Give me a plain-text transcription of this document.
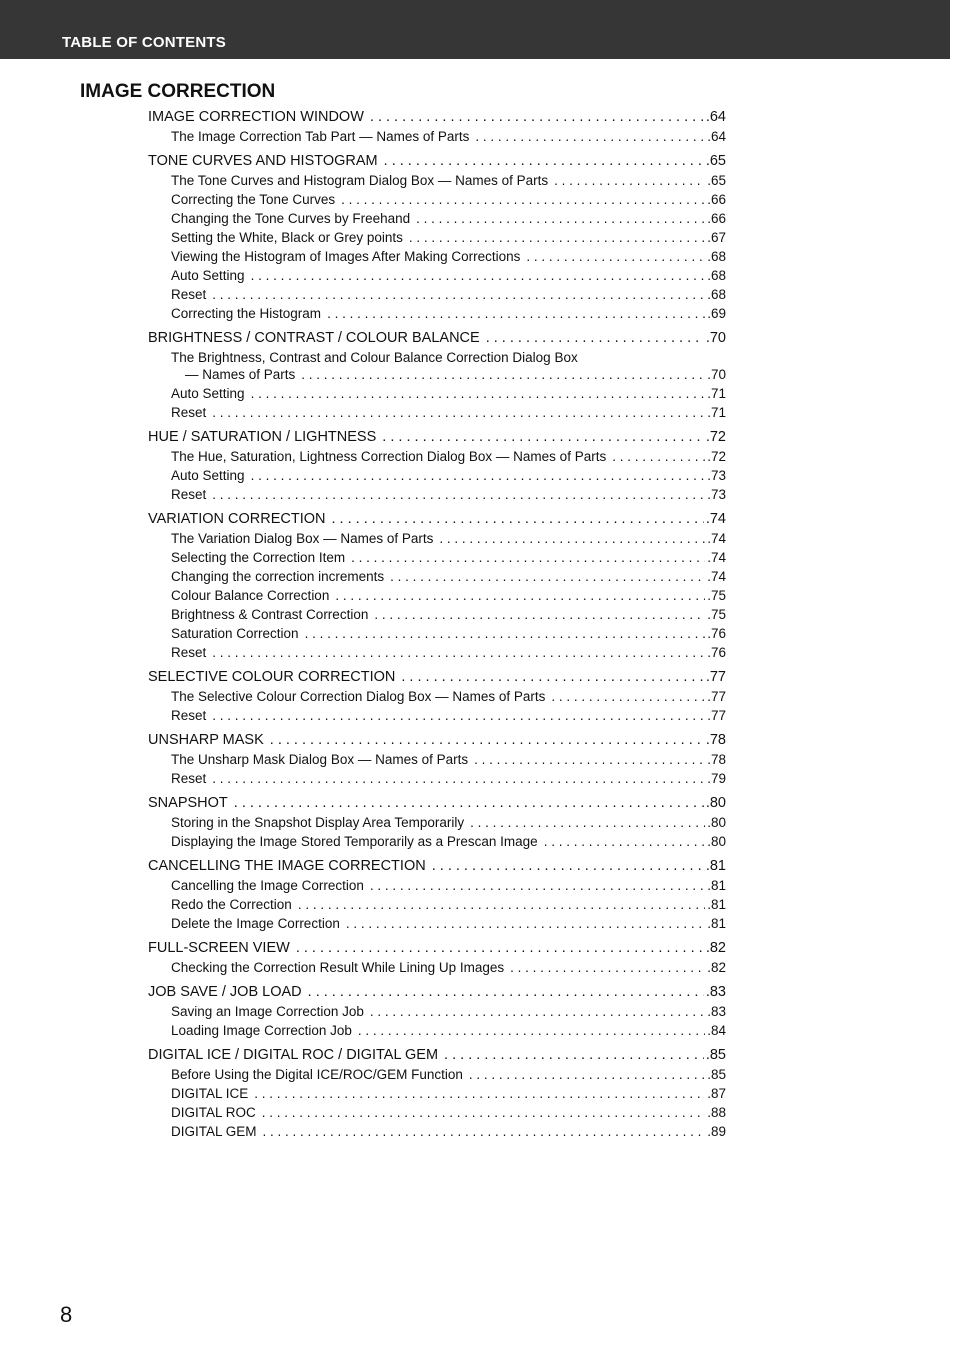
TABLE OF CONTENTS
IMAGE CORRECTION
IMAGE CORRECTION WINDOW . . .	.64
The Image Correction Tab Part — Names of Parts . . .	.64
TONE CURVES AND HISTOGRAM . . .	.65
The Tone Curves and Histogram Dialog Box — Names of Parts . . .	.65
Correcting the Tone Curves . . .	.66
Changing the Tone Curves by Freehand . . .	.66
Setting the White, Black or Grey points . . .	.67
Viewing the Histogram of Images After Making Corrections . . .	.68
Auto Setting . . .	.68
Reset . . .	.68
Correcting the Histogram . . .	.69
BRIGHTNESS / CONTRAST / COLOUR BALANCE . . .	.70
The Brightness, Contrast and Colour Balance Correction Dialog Box
— Names of Parts . . .	.70
Auto Setting . . .	.71
Reset . . .	.71
HUE / SATURATION / LIGHTNESS . . .	.72
The Hue, Saturation, Lightness Correction Dialog Box — Names of Parts . . .	.72
Auto Setting . . .	.73
Reset . . .	.73
VARIATION CORRECTION . . .	.74
The Variation Dialog Box — Names of Parts . . .	.74
Selecting the Correction Item . . .	.74
Changing the correction increments . . .	.74
Colour Balance Correction . . .	.75
Brightness & Contrast Correction . . .	.75
Saturation Correction . . .	.76
Reset . . .	.76
SELECTIVE COLOUR CORRECTION . . .	.77
The Selective Colour Correction Dialog Box — Names of Parts . . .	.77
Reset . . .	.77
UNSHARP MASK . . .	.78
The Unsharp Mask Dialog Box — Names of Parts . . .	.78
Reset . . .	.79
SNAPSHOT . . .	.80
Storing in the Snapshot Display Area Temporarily . . .	.80
Displaying the Image Stored Temporarily as a Prescan Image . . .	.80
CANCELLING THE IMAGE CORRECTION . . .	.81
Cancelling the Image Correction . . .	.81
Redo the Correction . . .	.81
Delete the Image Correction . . .	.81
FULL-SCREEN VIEW . . .	.82
Checking the Correction Result While Lining Up Images . . .	.82
JOB SAVE / JOB LOAD . . .	.83
Saving an Image Correction Job . . .	.83
Loading Image Correction Job . . .	.84
DIGITAL ICE / DIGITAL ROC / DIGITAL GEM . . .	.85
Before Using the Digital ICE/ROC/GEM Function . . .	.85
DIGITAL ICE . . .	.87
DIGITAL ROC . . .	.88
DIGITAL GEM . . .	.89
8
